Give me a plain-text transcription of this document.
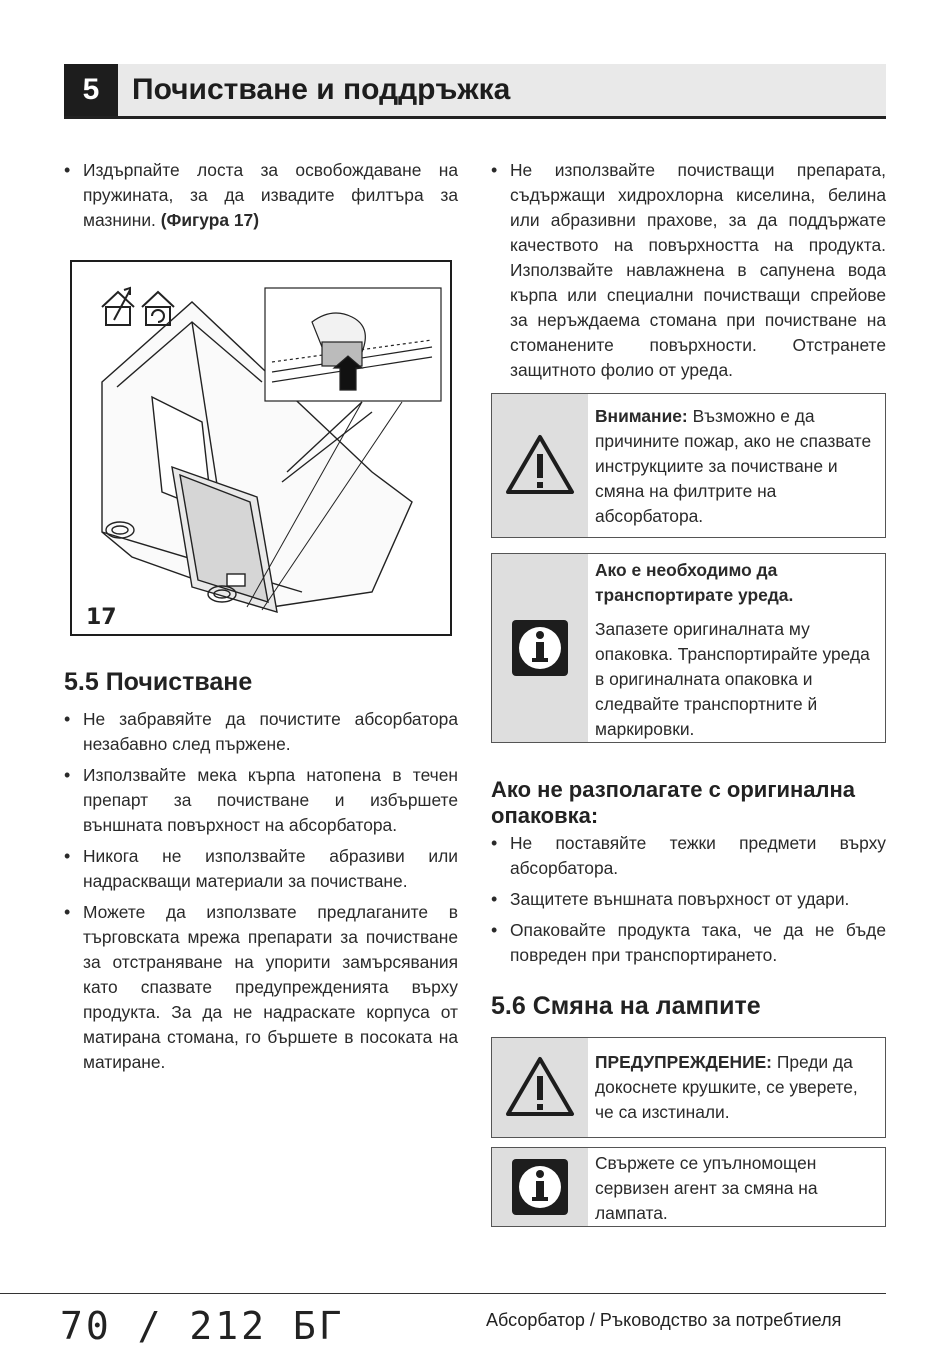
5	Почистване и поддръжка
• Издърпайте лоста за освобождаване на пружината, за да извадите филтъра за мазнини. (Фигура 17)
17
5.5 Почистване
• Не забравяйте да почистите абсорбатора незабавно след пържене.
• Използвайте мека кърпа натопена в течен препарт за почистване и избършете външната повърхност на абсорбатора.
• Никога не използвайте абразиви или надраскващи материали за почистване.
• Можете да използвате предлаганите в търговската мрежа препарати за почистване за отстраняване на упорити замърсявания като спазвате предупрежденията върху продукта. За да не надраскате корпуса от матирана стомана, го бършете в посоката на матиране.
• Не използвайте почистващи препарата, съдържащи хидрохлорна киселина, белина или абразивни прахове, за да поддържате качеството на повърхността на продукта. Използвайте навлажнена в сапунена вода кърпа или специални почистващи спрейове за неръждаема стомана при почистване на стоманените повърхности. Отстранете защитното фолио от уреда.
Внимание: Възможно е да причините пожар, ако не спазвате инструкциите за почистване и смяна на филтрите на абсорбатора.
Ако е необходимо да транспортирате уреда.
Запазете оригиналната му опаковка. Транспортирайте уреда в оригиналната опаковка и следвайте транспортните й маркировки.
Ако не разполагате с оригинална опаковка:
• Не поставяйте тежки предмети върху абсорбатора.
• Защитете външната повърхност от удари.
• Опаковайте продукта така, че да не бъде повреден при транспортирането.
5.6 Смяна на лампите
ПРЕДУПРЕЖДЕНИЕ: Преди да докоснете крушките, се уверете, че са изстинали.
Свържете се упълномощен сервизен агент за смяна на лампата.
70 / 212 БГ	Абсорбатор / Ръководство за потребтиеля
